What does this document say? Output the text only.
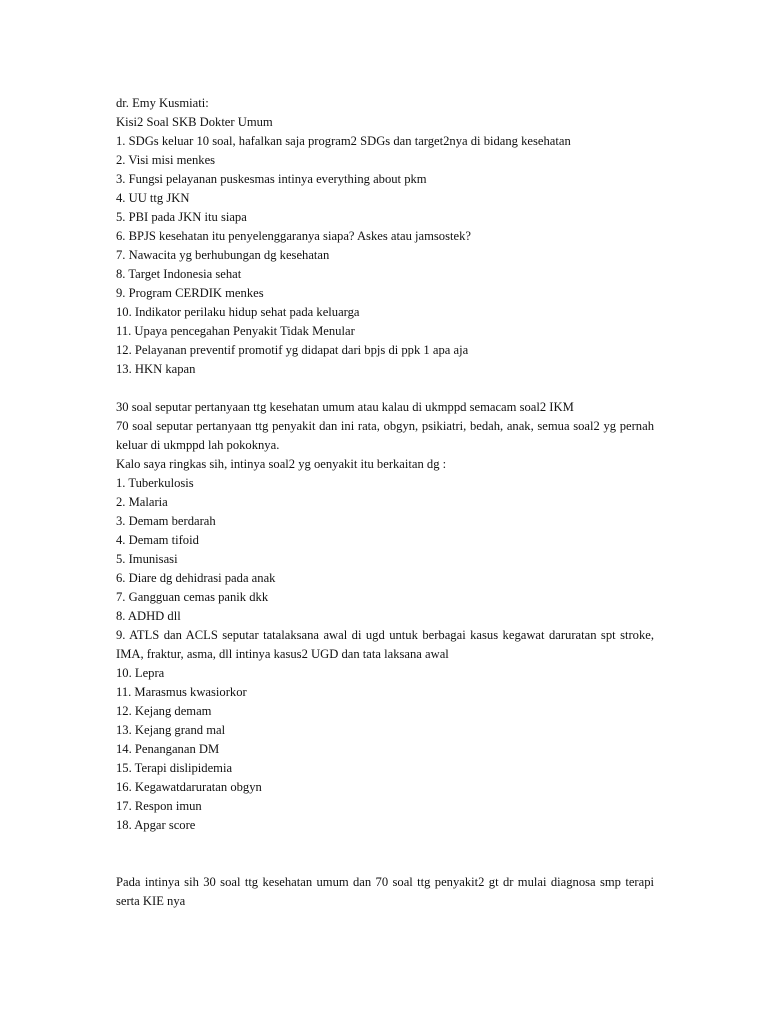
dr. Emy Kusmiati:

Kisi2 Soal SKB Dokter Umum

1. SDGs keluar 10 soal, hafalkan saja program2 SDGs dan target2nya di bidang kesehatan

2. Visi misi menkes

3. Fungsi pelayanan puskesmas intinya everything about pkm

4. UU ttg JKN

5. PBI pada JKN itu siapa

6. BPJS kesehatan itu penyelenggaranya siapa? Askes atau jamsostek?

7. Nawacita yg berhubungan dg kesehatan

8. Target Indonesia sehat

9. Program CERDIK menkes

10. Indikator perilaku hidup sehat pada keluarga

11. Upaya pencegahan Penyakit Tidak Menular

12. Pelayanan preventif promotif yg didapat dari bpjs di ppk 1 apa aja

13. HKN kapan

30 soal seputar pertanyaan ttg kesehatan umum atau kalau di ukmppd semacam soal2 IKM

70 soal seputar pertanyaan ttg penyakit dan ini rata, obgyn, psikiatri, bedah, anak, semua soal2 yg pernah keluar di ukmppd lah pokoknya.

Kalo saya ringkas sih, intinya soal2 yg oenyakit itu berkaitan dg :

1. Tuberkulosis

2. Malaria

3. Demam berdarah

4. Demam tifoid

5. Imunisasi

6. Diare dg dehidrasi pada anak

7. Gangguan cemas panik dkk

8. ADHD dll

9. ATLS dan ACLS seputar tatalaksana awal di ugd untuk berbagai kasus kegawat daruratan spt stroke, IMA, fraktur, asma, dll intinya kasus2 UGD dan tata laksana awal

10. Lepra

11. Marasmus kwasiorkor

12. Kejang demam

13. Kejang grand mal

14. Penanganan DM

15. Terapi dislipidemia

16. Kegawatdaruratan obgyn

17. Respon imun

18. Apgar score

Pada intinya sih 30 soal ttg kesehatan umum dan 70 soal ttg penyakit2 gt dr mulai diagnosa smp terapi serta KIE nya
